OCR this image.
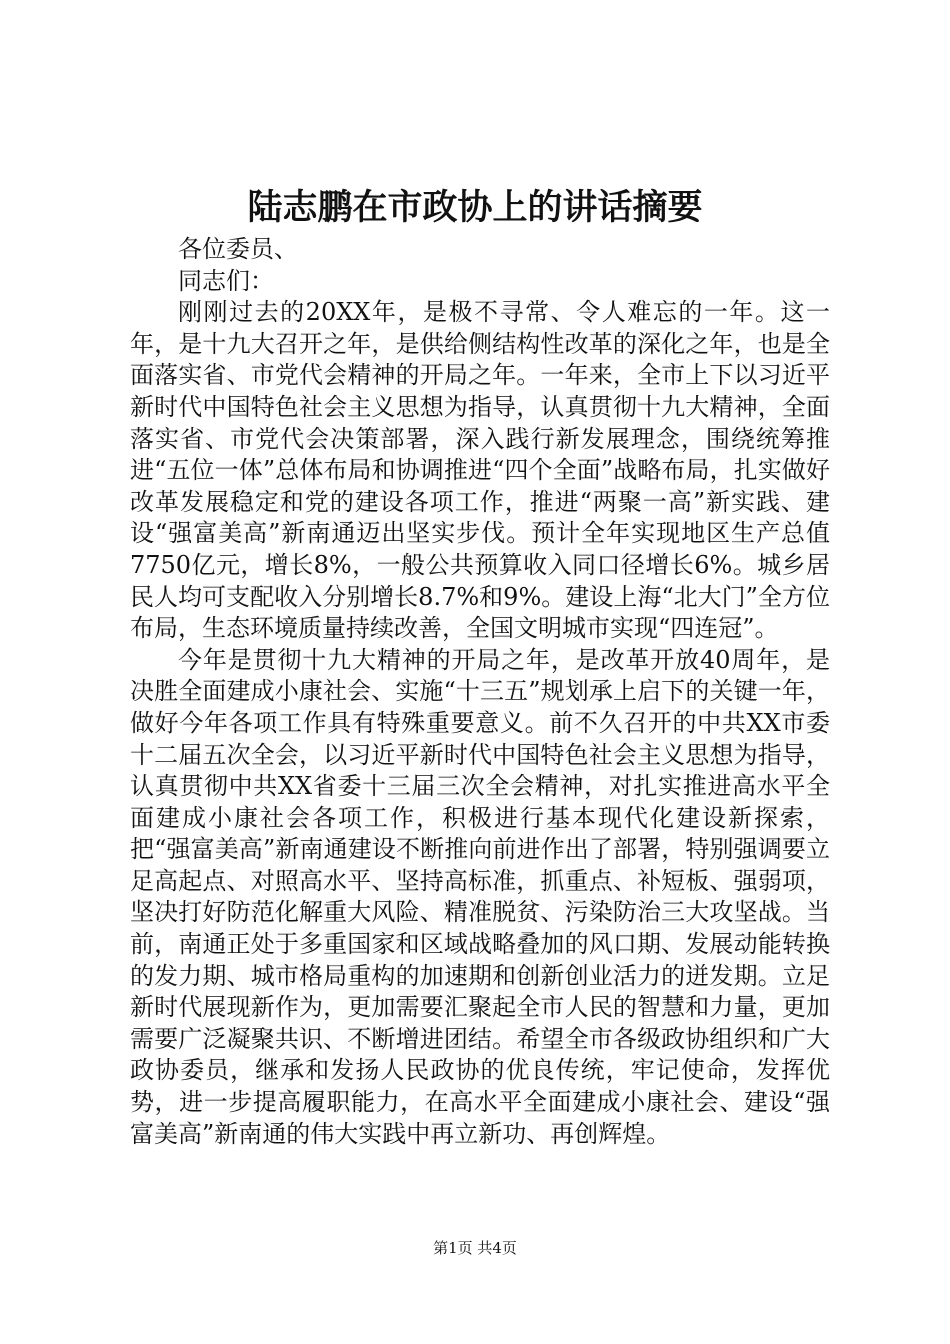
陆志鹏在市政协上的讲话摘要

各位委员、

同志们：

刚刚过去的20XX年，是极不寻常、令人难忘的一年。这一年，是十九大召开之年，是供给侧结构性改革的深化之年，也是全面落实省、市党代会精神的开局之年。一年来，全市上下以习近平新时代中国特色社会主义思想为指导，认真贯彻十九大精神，全面落实省、市党代会决策部署，深入践行新发展理念，围绕统筹推进“五位一体”总体布局和协调推进“四个全面”战略布局，扎实做好改革发展稳定和党的建设各项工作，推进“两聚一高”新实践、建设“强富美高”新南通迈出坚实步伐。预计全年实现地区生产总值7750亿元，增长8%，一般公共预算收入同口径增长6%。城乡居民人均可支配收入分别增长8.7%和9%。建设上海“北大门”全方位布局，生态环境质量持续改善，全国文明城市实现“四连冠”。

今年是贯彻十九大精神的开局之年，是改革开放40周年，是决胜全面建成小康社会、实施“十三五”规划承上启下的关键一年，做好今年各项工作具有特殊重要意义。前不久召开的中共XX市委十二届五次全会，以习近平新时代中国特色社会主义思想为指导，认真贯彻中共XX省委十三届三次全会精神，对扎实推进高水平全面建成小康社会各项工作，积极进行基本现代化建设新探索，把“强富美高”新南通建设不断推向前进作出了部署，特别强调要立足高起点、对照高水平、坚持高标准，抓重点、补短板、强弱项，坚决打好防范化解重大风险、精准脱贫、污染防治三大攻坚战。当前，南通正处于多重国家和区域战略叠加的风口期、发展动能转换的发力期、城市格局重构的加速期和创新创业活力的迸发期。立足新时代展现新作为，更加需要汇聚起全市人民的智慧和力量，更加需要广泛凝聚共识、不断增进团结。希望全市各级政协组织和广大政协委员，继承和发扬人民政协的优良传统，牢记使命，发挥优势，进一步提高履职能力，在高水平全面建成小康社会、建设“强富美高”新南通的伟大实践中再立新功、再创辉煌。

第1页 共4页
